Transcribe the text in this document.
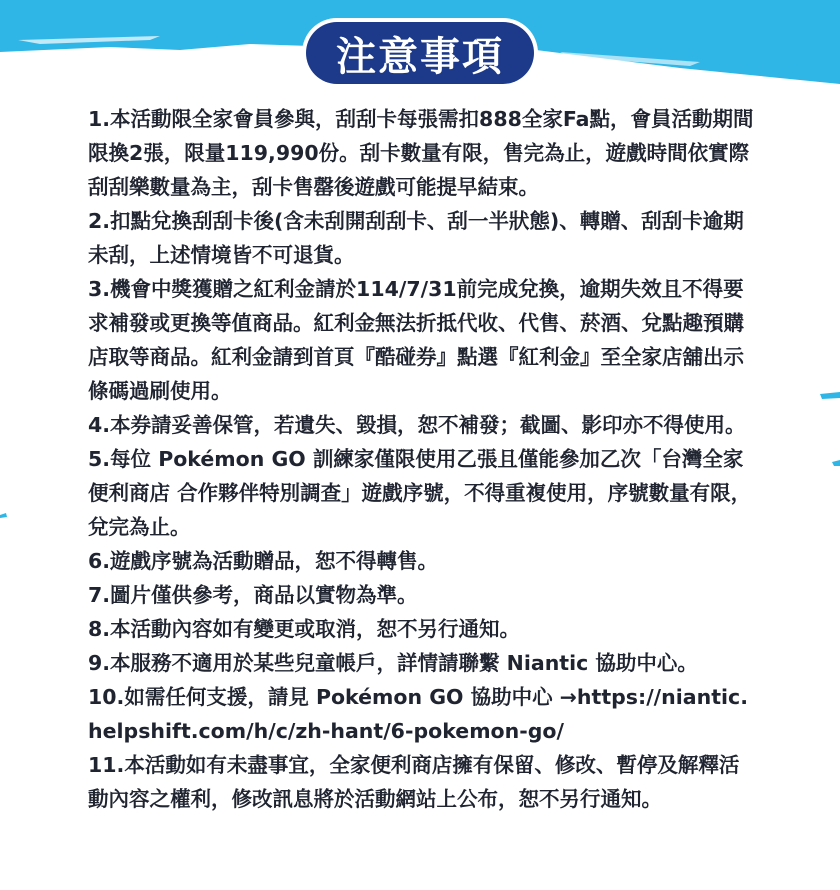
注意事項

1.本活動限全家會員參與，刮刮卡每張需扣888全家Fa點，會員活動期間限換2張，限量119,990份。刮卡數量有限，售完為止，遊戲時間依實際刮刮樂數量為主，刮卡售罄後遊戲可能提早結束。

2.扣點兌換刮刮卡後(含未刮開刮刮卡、刮一半狀態)、轉贈、刮刮卡逾期未刮，上述情境皆不可退貨。

3.機會中獎獲贈之紅利金請於114/7/31前完成兌換，逾期失效且不得要求補發或更換等值商品。紅利金無法折抵代收、代售、菸酒、兌點趣預購店取等商品。紅利金請到首頁『酷碰券』點選『紅利金』至全家店舖出示條碼過刷使用。

4.本券請妥善保管，若遺失、毀損，恕不補發；截圖、影印亦不得使用。

5.每位 Pokémon GO 訓練家僅限使用乙張且僅能參加乙次「台灣全家便利商店 合作夥伴特別調查」遊戲序號，不得重複使用，序號數量有限，兌完為止。

6.遊戲序號為活動贈品，恕不得轉售。

7.圖片僅供參考，商品以實物為準。

8.本活動內容如有變更或取消，恕不另行通知。

9.本服務不適用於某些兒童帳戶，詳情請聯繫 Niantic 協助中心。

10.如需任何支援，請見 Pokémon GO 協助中心 →https://niantic.helpshift.com/h/c/zh-hant/6-pokemon-go/

11.本活動如有未盡事宜，全家便利商店擁有保留、修改、暫停及解釋活動內容之權利，修改訊息將於活動網站上公布，恕不另行通知。
